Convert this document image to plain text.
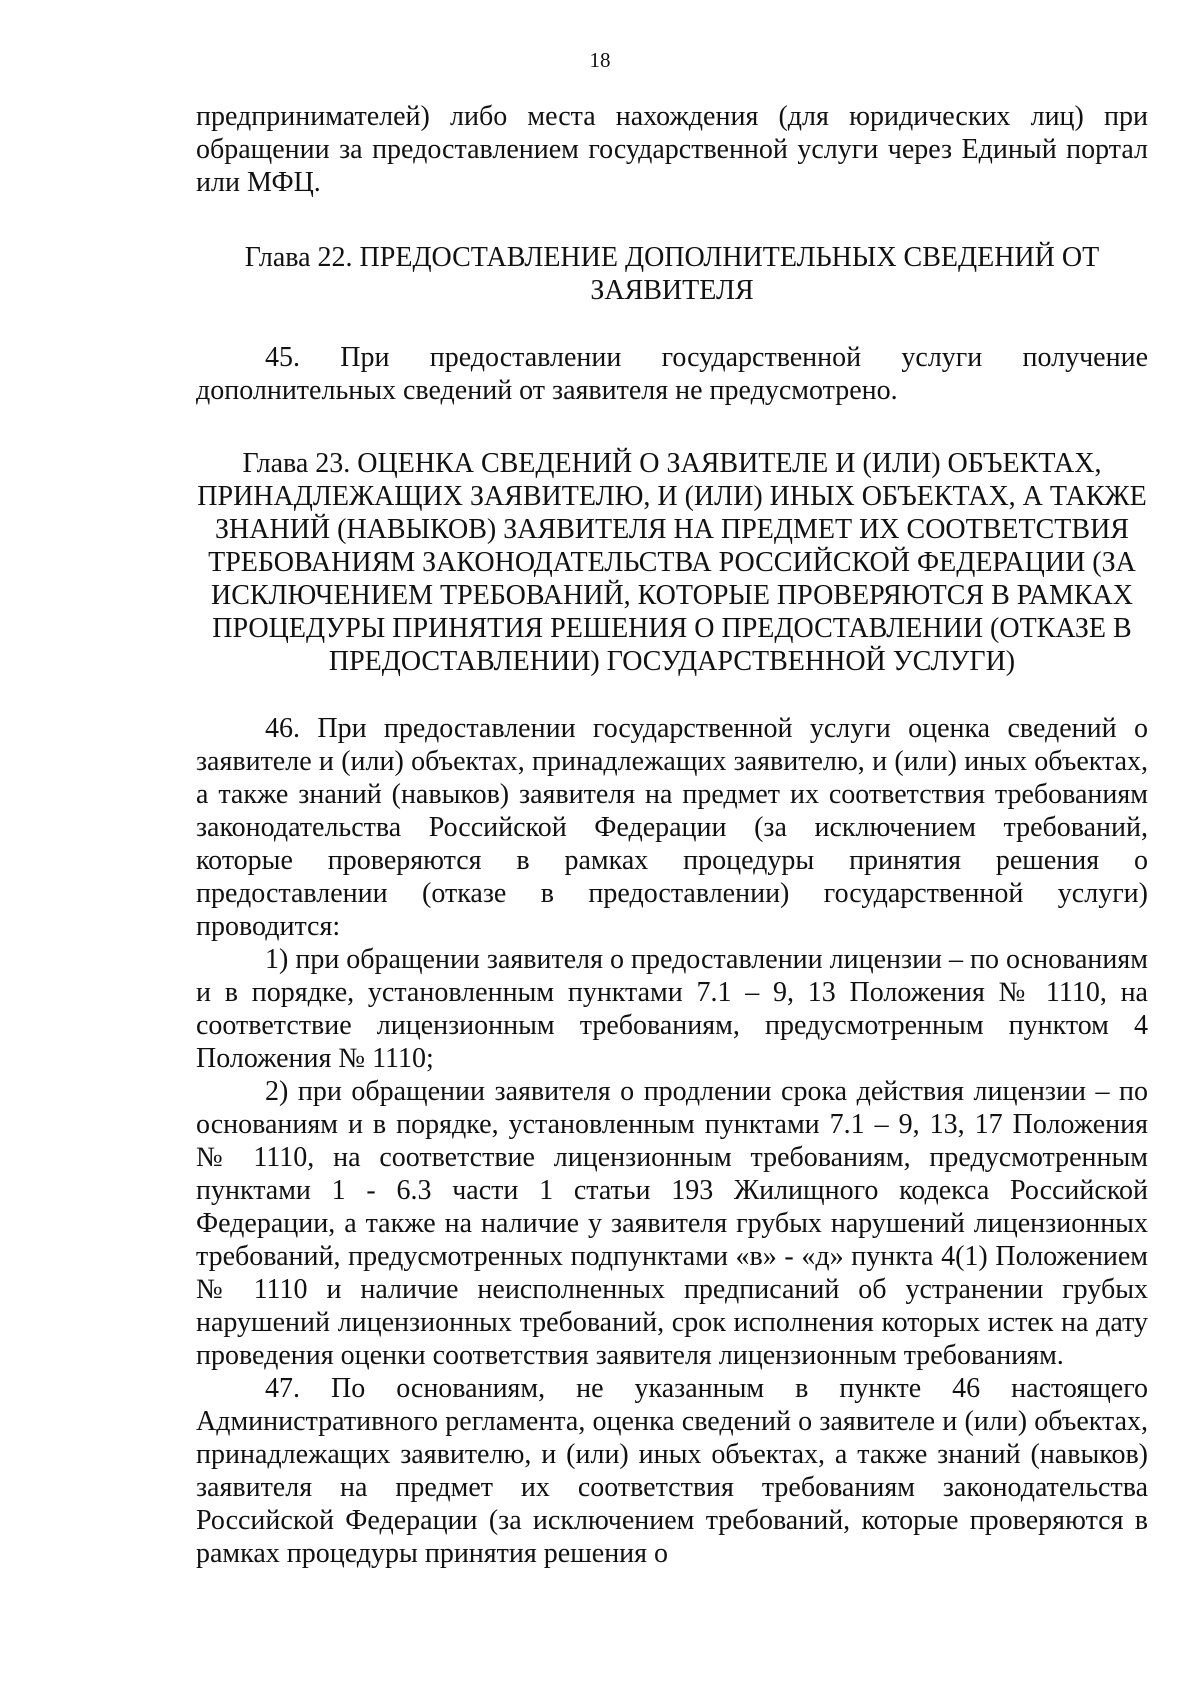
18

предпринимателей) либо места нахождения (для юридических лиц) при обращении за предоставлением государственной услуги через Единый портал или МФЦ.

Глава 22. ПРЕДОСТАВЛЕНИЕ ДОПОЛНИТЕЛЬНЫХ СВЕДЕНИЙ ОТ ЗАЯВИТЕЛЯ

45. При предоставлении государственной услуги получение дополнительных сведений от заявителя не предусмотрено.

Глава 23. ОЦЕНКА СВЕДЕНИЙ О ЗАЯВИТЕЛЕ И (ИЛИ) ОБЪЕКТАХ, ПРИНАДЛЕЖАЩИХ ЗАЯВИТЕЛЮ, И (ИЛИ) ИНЫХ ОБЪЕКТАХ, А ТАКЖЕ ЗНАНИЙ (НАВЫКОВ) ЗАЯВИТЕЛЯ НА ПРЕДМЕТ ИХ СООТВЕТСТВИЯ ТРЕБОВАНИЯМ ЗАКОНОДАТЕЛЬСТВА РОССИЙСКОЙ ФЕДЕРАЦИИ (ЗА ИСКЛЮЧЕНИЕМ ТРЕБОВАНИЙ, КОТОРЫЕ ПРОВЕРЯЮТСЯ В РАМКАХ ПРОЦЕДУРЫ ПРИНЯТИЯ РЕШЕНИЯ О ПРЕДОСТАВЛЕНИИ (ОТКАЗЕ В ПРЕДОСТАВЛЕНИИ) ГОСУДАРСТВЕННОЙ УСЛУГИ)

46. При предоставлении государственной услуги оценка сведений о заявителе и (или) объектах, принадлежащих заявителю, и (или) иных объектах, а также знаний (навыков) заявителя на предмет их соответствия требованиям законодательства Российской Федерации (за исключением требований, которые проверяются в рамках процедуры принятия решения о предоставлении (отказе в предоставлении) государственной услуги) проводится:

1) при обращении заявителя о предоставлении лицензии – по основаниям и в порядке, установленным пунктами 7.1 – 9, 13 Положения № 1110, на соответствие лицензионным требованиям, предусмотренным пунктом 4 Положения № 1110;

2) при обращении заявителя о продлении срока действия лицензии – по основаниям и в порядке, установленным пунктами 7.1 – 9, 13, 17 Положения № 1110, на соответствие лицензионным требованиям, предусмотренным пунктами 1 - 6.3 части 1 статьи 193 Жилищного кодекса Российской Федерации, а также на наличие у заявителя грубых нарушений лицензионных требований, предусмотренных подпунктами «в» - «д» пункта 4(1) Положением № 1110 и наличие неисполненных предписаний об устранении грубых нарушений лицензионных требований, срок исполнения которых истек на дату проведения оценки соответствия заявителя лицензионным требованиям.

47. По основаниям, не указанным в пункте 46 настоящего Административного регламента, оценка сведений о заявителе и (или) объектах, принадлежащих заявителю, и (или) иных объектах, а также знаний (навыков) заявителя на предмет их соответствия требованиям законодательства Российской Федерации (за исключением требований, которые проверяются в рамках процедуры принятия решения о
